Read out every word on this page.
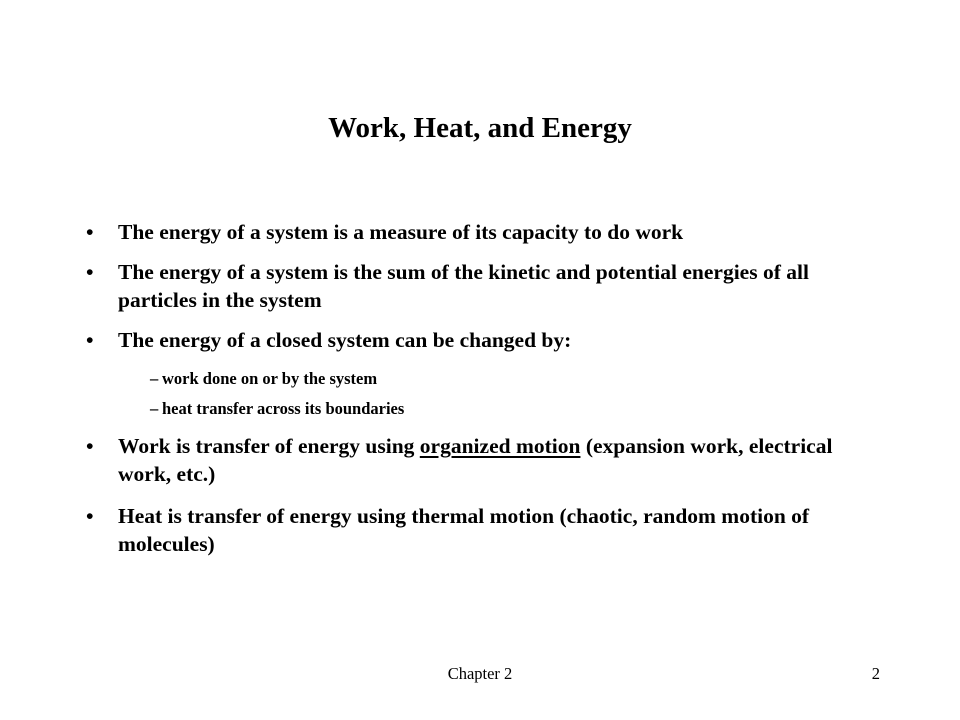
Work, Heat, and Energy
•	The energy of a system is a measure of its capacity to do work
•	The energy of a system is the sum of the kinetic and potential energies of all particles in the system
•	The energy of a closed system can be changed by:
– work done on or by the system
– heat transfer across its boundaries
•	Work is transfer of energy using organized motion (expansion work, electrical work, etc.)
•	Heat is transfer of energy using thermal motion (chaotic, random motion of molecules)
Chapter 2	2
